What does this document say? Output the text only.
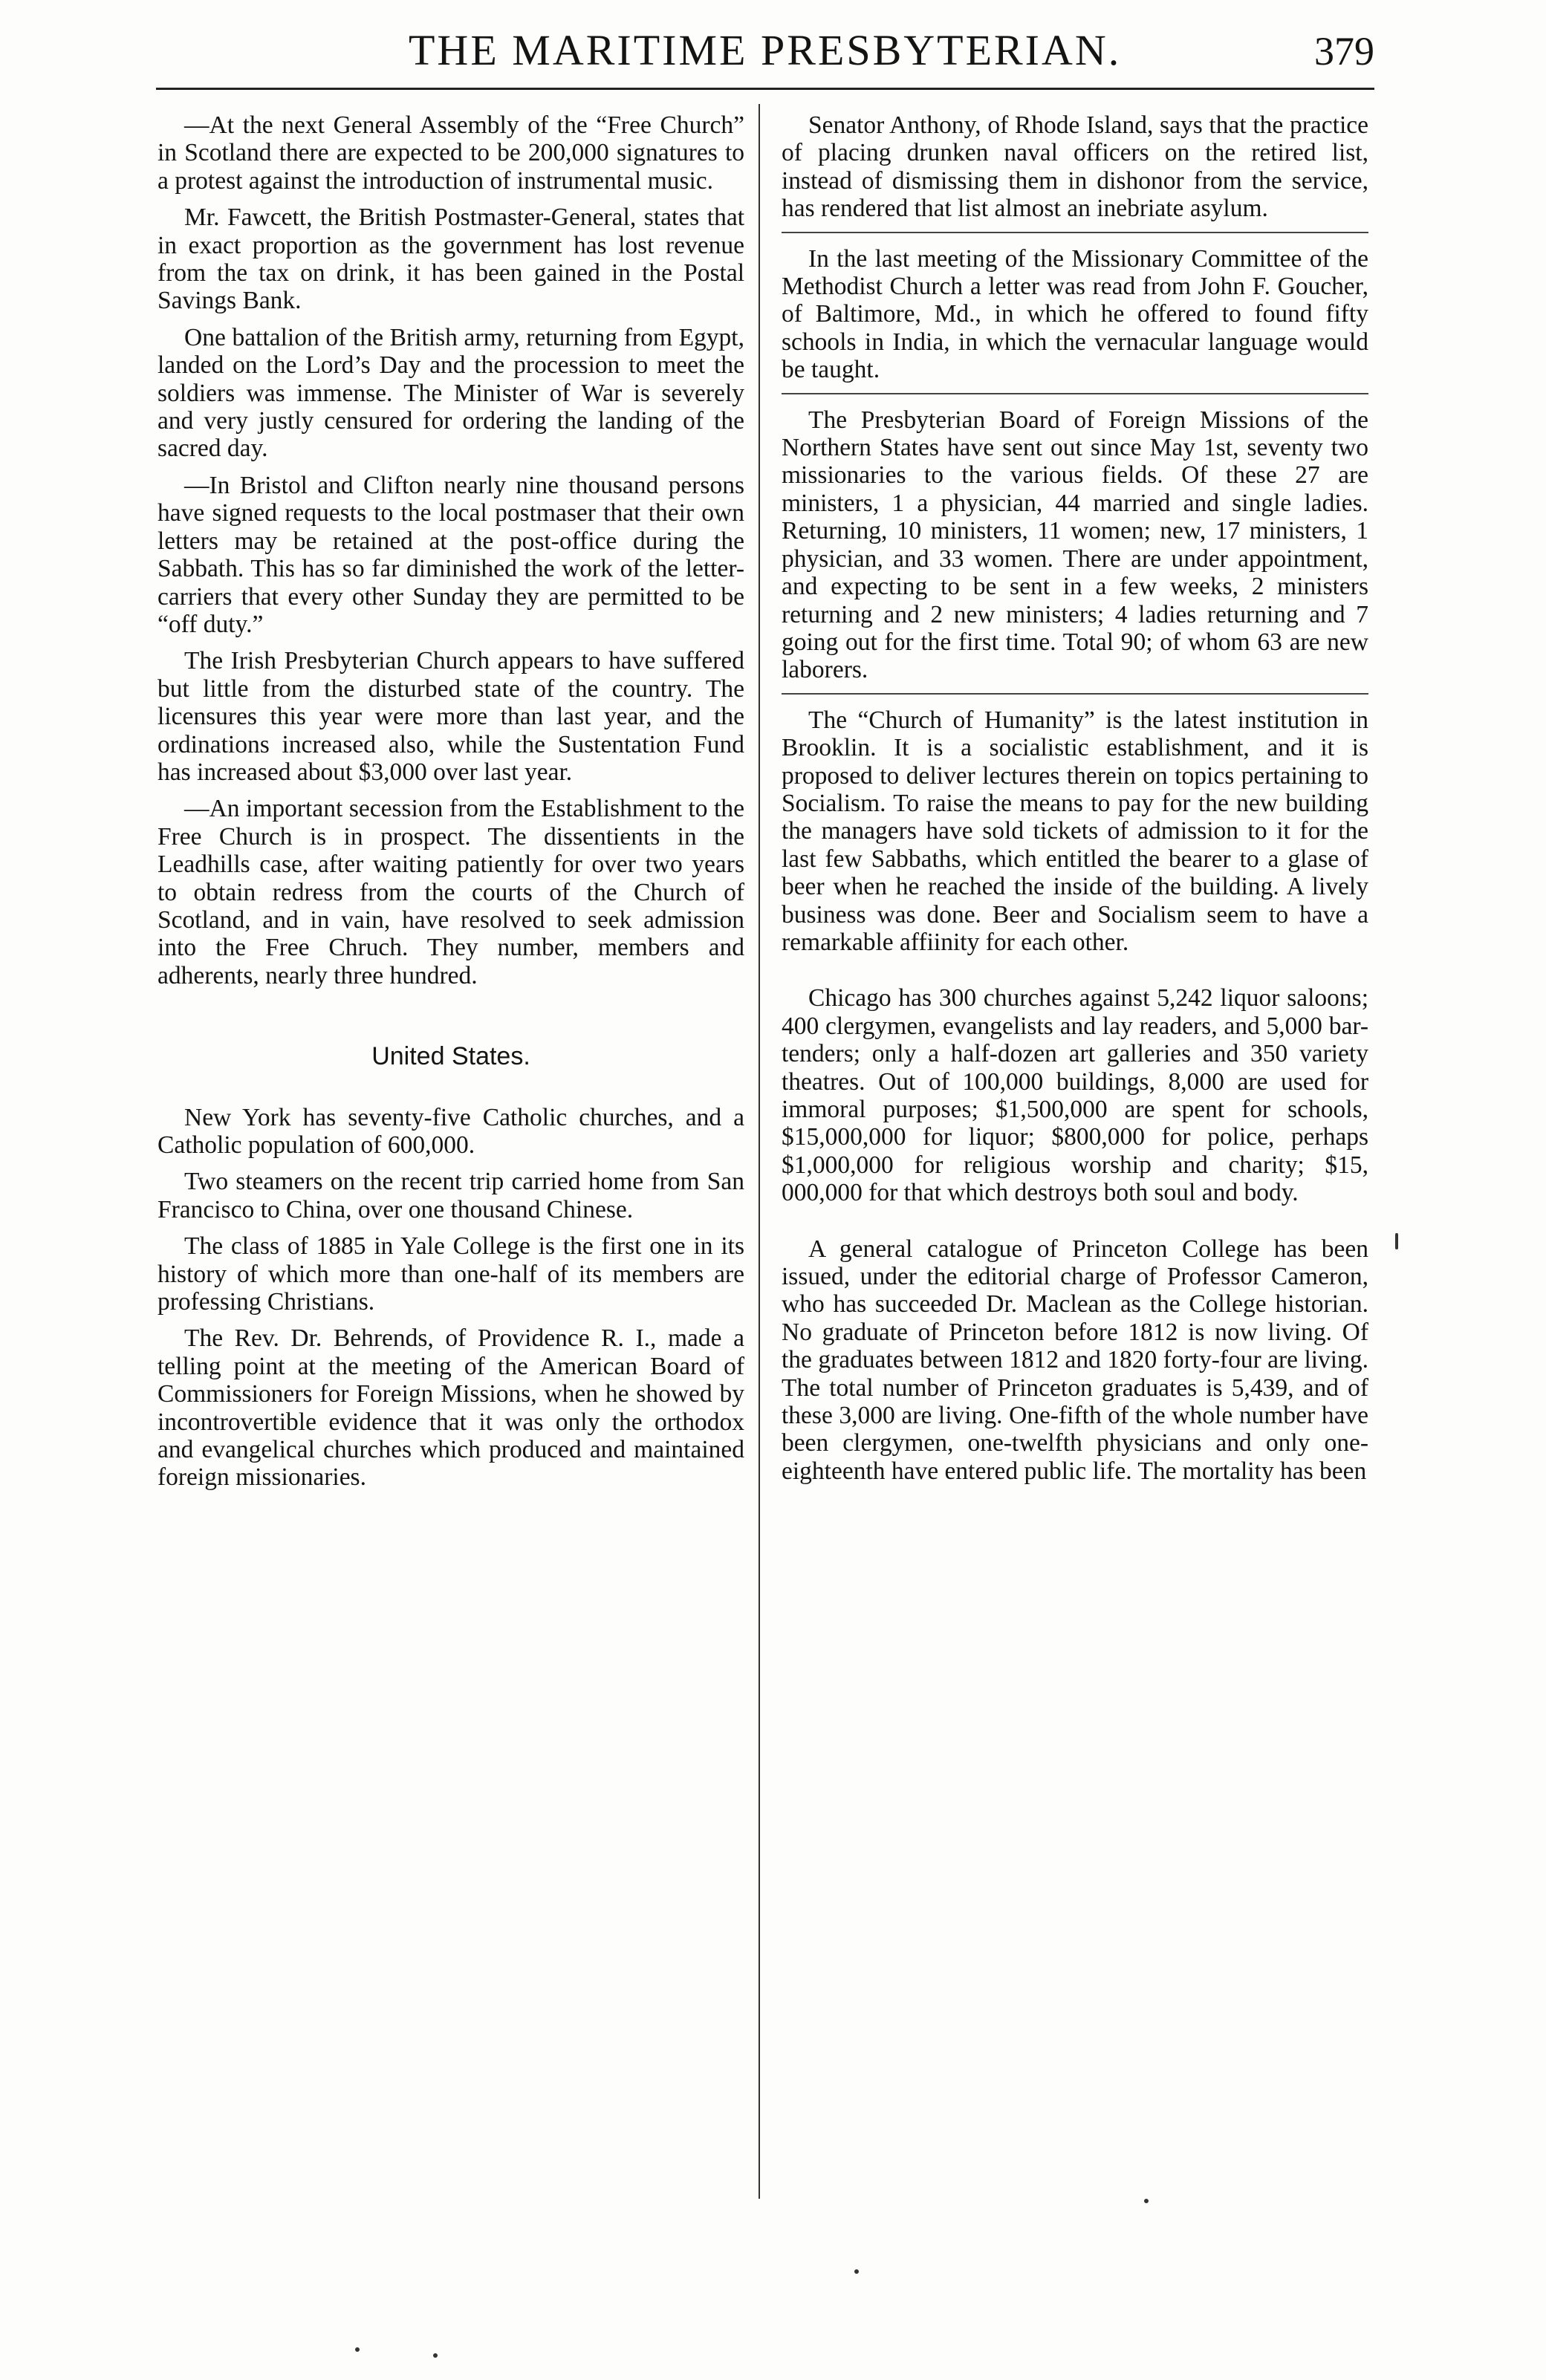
THE MARITIME PRESBYTERIAN.	379

—At the next General Assembly of the “Free Church” in Scotland there are expected to be 200,000 signatures to a protest against the introduction of instrumental music.

Mr. Fawcett, the British Postmaster-General, states that in exact proportion as the government has lost revenue from the tax on drink, it has been gained in the Postal Savings Bank.

One battalion of the British army, returning from Egypt, landed on the Lord’s Day and the procession to meet the soldiers was immense. The Minister of War is severely and very justly censured for ordering the landing of the sacred day.

—In Bristol and Clifton nearly nine thousand persons have signed requests to the local postmaser that their own letters may be retained at the post-office during the Sabbath. This has so far diminished the work of the letter-carriers that every other Sunday they are permitted to be “off duty.”

The Irish Presbyterian Church appears to have suffered but little from the disturbed state of the country. The licensures this year were more than last year, and the ordinations increased also, while the Sustentation Fund has increased about $3,000 over last year.

—An important secession from the Establishment to the Free Church is in prospect. The dissentients in the Leadhills case, after waiting patiently for over two years to obtain redress from the courts of the Church of Scotland, and in vain, have resolved to seek admission into the Free Chruch. They number, members and adherents, nearly three hundred.

United States.

New York has seventy-five Catholic churches, and a Catholic population of 600,000.

Two steamers on the recent trip carried home from San Francisco to China, over one thousand Chinese.

The class of 1885 in Yale College is the first one in its history of which more than one-half of its members are professing Christians.

The Rev. Dr. Behrends, of Providence R. I., made a telling point at the meeting of the American Board of Commissioners for Foreign Missions, when he showed by incontrovertible evidence that it was only the orthodox and evangelical churches which produced and maintained foreign missionaries.

Senator Anthony, of Rhode Island, says that the practice of placing drunken naval officers on the retired list, instead of dismissing them in dishonor from the service, has rendered that list almost an inebriate asylum.

In the last meeting of the Missionary Committee of the Methodist Church a letter was read from John F. Goucher, of Baltimore, Md., in which he offered to found fifty schools in India, in which the vernacular language would be taught.

The Presbyterian Board of Foreign Missions of the Northern States have sent out since May 1st, seventy two missionaries to the various fields. Of these 27 are ministers, 1 a physician, 44 married and single ladies. Returning, 10 ministers, 11 women; new, 17 ministers, 1 physician, and 33 women. There are under appointment, and expecting to be sent in a few weeks, 2 ministers returning and 2 new ministers; 4 ladies returning and 7 going out for the first time. Total 90; of whom 63 are new laborers.

The “Church of Humanity” is the latest institution in Brooklin. It is a socialistic establishment, and it is proposed to deliver lectures therein on topics pertaining to Socialism. To raise the means to pay for the new building the managers have sold tickets of admission to it for the last few Sabbaths, which entitled the bearer to a glase of beer when he reached the inside of the building. A lively business was done. Beer and Socialism seem to have a remarkable affiinity for each other.

Chicago has 300 churches against 5,242 liquor saloons; 400 clergymen, evangelists and lay readers, and 5,000 bar-tenders; only a half-dozen art galleries and 350 variety theatres. Out of 100,000 buildings, 8,000 are used for immoral purposes; $1,500,000 are spent for schools, $15,000,000 for liquor; $800,000 for police, perhaps $1,000,000 for religious worship and charity; $15, 000,000 for that which destroys both soul and body.

A general catalogue of Princeton College has been issued, under the editorial charge of Professor Cameron, who has succeeded Dr. Maclean as the College historian. No graduate of Princeton before 1812 is now living. Of the graduates between 1812 and 1820 forty-four are living. The total number of Princeton graduates is 5,439, and of these 3,000 are living. One-fifth of the whole number have been clergymen, one-twelfth physicians and only one-eighteenth have entered public life. The mortality has been
